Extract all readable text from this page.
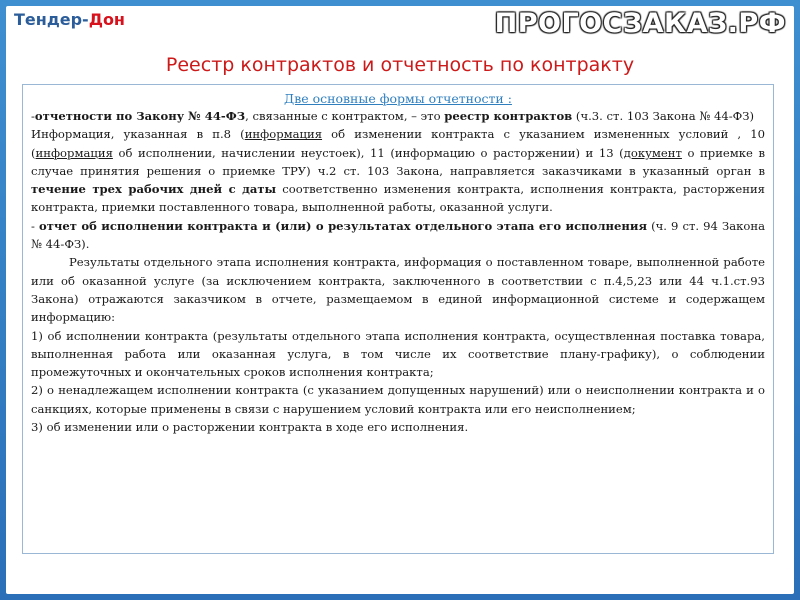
Тендер-Дон	ПРОГОСЗАКАЗ.РФ
Реестр контрактов и отчетность по контракту
Две основные формы отчетности :

-отчетности по Закону № 44-ФЗ, связанные с контрактом, – это реестр контрактов (ч.3. ст. 103 Закона № 44-ФЗ)

Информация, указанная в п.8 (информация об изменении контракта с указанием измененных условий , 10 (информация об исполнении, начислении неустоек), 11 (информацию о расторжении) и 13 (документ о приемке в случае принятия решения о приемке ТРУ) ч.2 ст. 103 Закона, направляется заказчиками в указанный орган в течение трех рабочих дней с даты соответственно изменения контракта, исполнения контракта, расторжения контракта, приемки поставленного товара, выполненной работы, оказанной услуги.

- отчет об исполнении контракта и (или) о результатах отдельного этапа его исполнения (ч. 9 ст. 94 Закона № 44-ФЗ).

Результаты отдельного этапа исполнения контракта, информация о поставленном товаре, выполненной работе или об оказанной услуге (за исключением контракта, заключенного в соответствии с п.4,5,23 или 44 ч.1.ст.93 Закона) отражаются заказчиком в отчете, размещаемом в единой информационной системе и содержащем информацию:

1) об исполнении контракта (результаты отдельного этапа исполнения контракта, осуществленная поставка товара, выполненная работа или оказанная услуга, в том числе их соответствие плану-графику), о соблюдении промежуточных и окончательных сроков исполнения контракта;

2) о ненадлежащем исполнении контракта (с указанием допущенных нарушений) или о неисполнении контракта и о санкциях, которые применены в связи с нарушением условий контракта или его неисполнением;

3) об изменении или о расторжении контракта в ходе его исполнения.
